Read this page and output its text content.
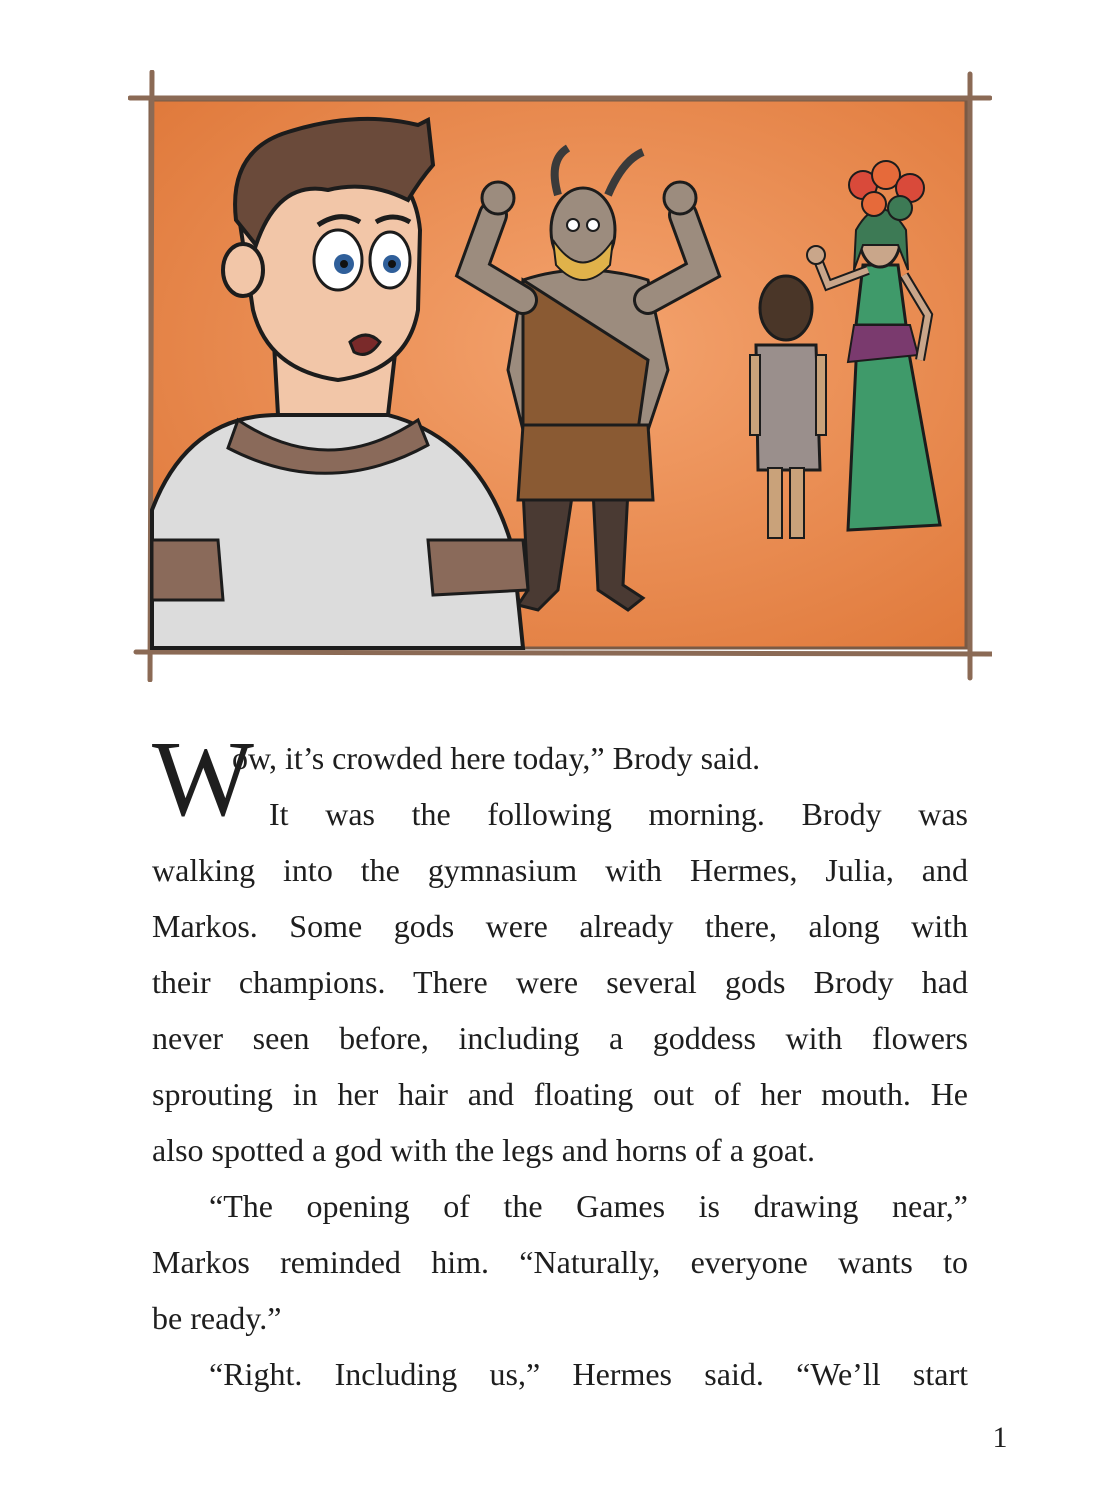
W
ow, it’s crowded here today,” Brody said.
It was the following morning. Brody was
walking into the gymnasium with Hermes, Julia, and
Markos. Some gods were already there, along with
their champions. There were several gods Brody had
never seen before, including a goddess with flowers
sprouting in her hair and floating out of her mouth. He
also spotted a god with the legs and horns of a goat.
“The opening of the Games is drawing near,”
Markos reminded him. “Naturally, everyone wants to
be ready.”
“Right. Including us,” Hermes said. “We’ll start
1
